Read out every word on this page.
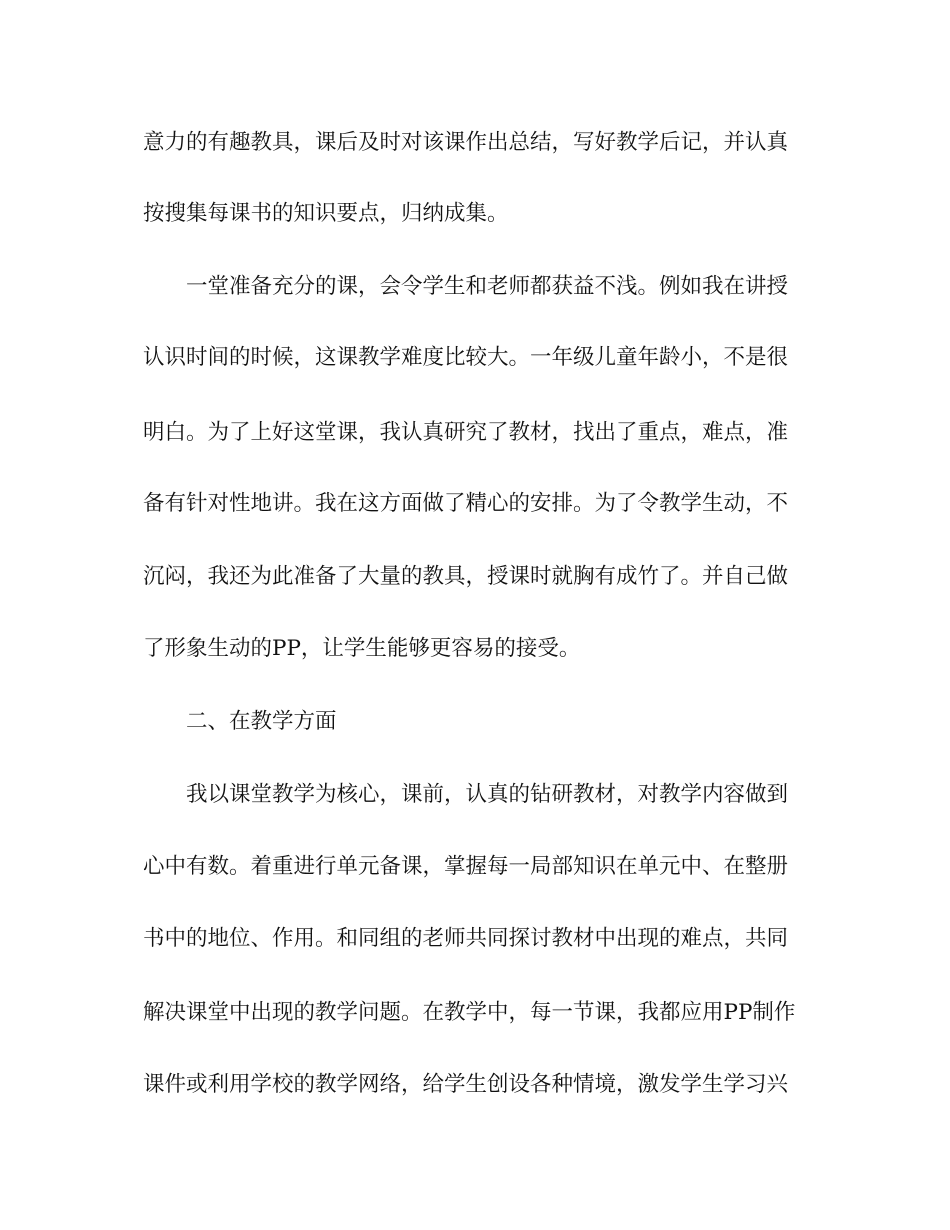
意力的有趣教具，课后及时对该课作出总结，写好教学后记，并认真
按搜集每课书的知识要点，归纳成集。
一堂准备充分的课，会令学生和老师都获益不浅。例如我在讲授
认识时间的时候，这课教学难度比较大。一年级儿童年龄小，不是很
明白。为了上好这堂课，我认真研究了教材，找出了重点，难点，准
备有针对性地讲。我在这方面做了精心的安排。为了令教学生动，不
沉闷，我还为此准备了大量的教具，授课时就胸有成竹了。并自己做
了形象生动的PP，让学生能够更容易的接受。
二、在教学方面
我以课堂教学为核心，课前，认真的钻研教材，对教学内容做到
心中有数。着重进行单元备课，掌握每一局部知识在单元中、在整册
书中的地位、作用。和同组的老师共同探讨教材中出现的难点，共同
解决课堂中出现的教学问题。在教学中，每一节课，我都应用PP制作
课件或利用学校的教学网络，给学生创设各种情境，激发学生学习兴
